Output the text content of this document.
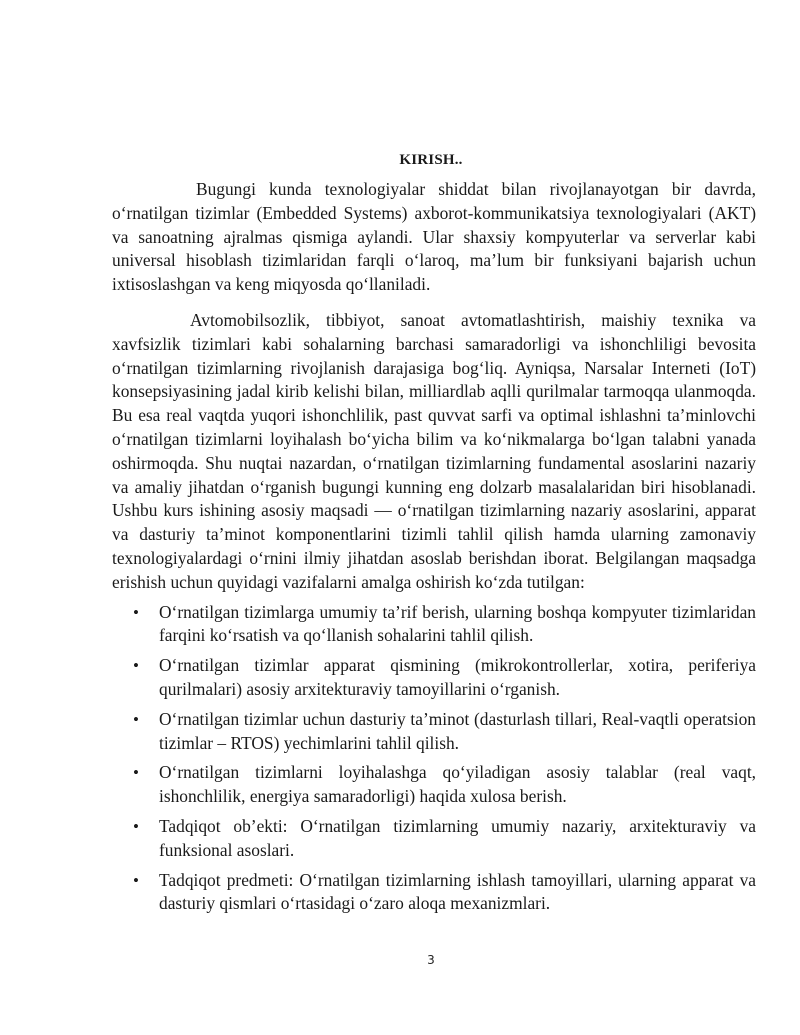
KIRISH..

Bugungi kunda texnologiyalar shiddat bilan rivojlanayotgan bir davrda, o‘rnatilgan tizimlar (Embedded Systems) axborot-kommunikatsiya texnologiyalari (AKT) va sanoatning ajralmas qismiga aylandi. Ular shaxsiy kompyuterlar va serverlar kabi universal hisoblash tizimlaridan farqli o‘laroq, ma’lum bir funksiyani bajarish uchun ixtisoslashgan va keng miqyosda qo‘llaniladi.

Avtomobilsozlik, tibbiyot, sanoat avtomatlashtirish, maishiy texnika va xavfsizlik tizimlari kabi sohalarning barchasi samaradorligi va ishonchliligi bevosita o‘rnatilgan tizimlarning rivojlanish darajasiga bog‘liq. Ayniqsa, Narsalar Interneti (IoT) konsepsiyasining jadal kirib kelishi bilan, milliardlab aqlli qurilmalar tarmoqqa ulanmoqda. Bu esa real vaqtda yuqori ishonchlilik, past quvvat sarfi va optimal ishlashni ta’minlovchi o‘rnatilgan tizimlarni loyihalash bo‘yicha bilim va ko‘nikmalarga bo‘lgan talabni yanada oshirmoqda. Shu nuqtai nazardan, o‘rnatilgan tizimlarning fundamental asoslarini nazariy va amaliy jihatdan o‘rganish bugungi kunning eng dolzarb masalalaridan biri hisoblanadi. Ushbu kurs ishining asosiy maqsadi — o‘rnatilgan tizimlarning nazariy asoslarini, apparat va dasturiy ta’minot komponentlarini tizimli tahlil qilish hamda ularning zamonaviy texnologiyalardagi o‘rnini ilmiy jihatdan asoslab berishdan iborat. Belgilangan maqsadga erishish uchun quyidagi vazifalarni amalga oshirish ko‘zda tutilgan:

• O‘rnatilgan tizimlarga umumiy ta’rif berish, ularning boshqa kompyuter tizimlaridan farqini ko‘rsatish va qo‘llanish sohalarini tahlil qilish.
• O‘rnatilgan tizimlar apparat qismining (mikrokontrollerlar, xotira, periferiya qurilmalari) asosiy arxitekturaviy tamoyillarini o‘rganish.
• O‘rnatilgan tizimlar uchun dasturiy ta’minot (dasturlash tillari, Real-vaqtli operatsion tizimlar – RTOS) yechimlarini tahlil qilish.
• O‘rnatilgan tizimlarni loyihalashga qo‘yiladigan asosiy talablar (real vaqt, ishonchlilik, energiya samaradorligi) haqida xulosa berish.
• Tadqiqot ob’ekti: O‘rnatilgan tizimlarning umumiy nazariy, arxitekturaviy va funksional asoslari.
• Tadqiqot predmeti: O‘rnatilgan tizimlarning ishlash tamoyillari, ularning apparat va dasturiy qismlari o‘rtasidagi o‘zaro aloqa mexanizmlari.
3
